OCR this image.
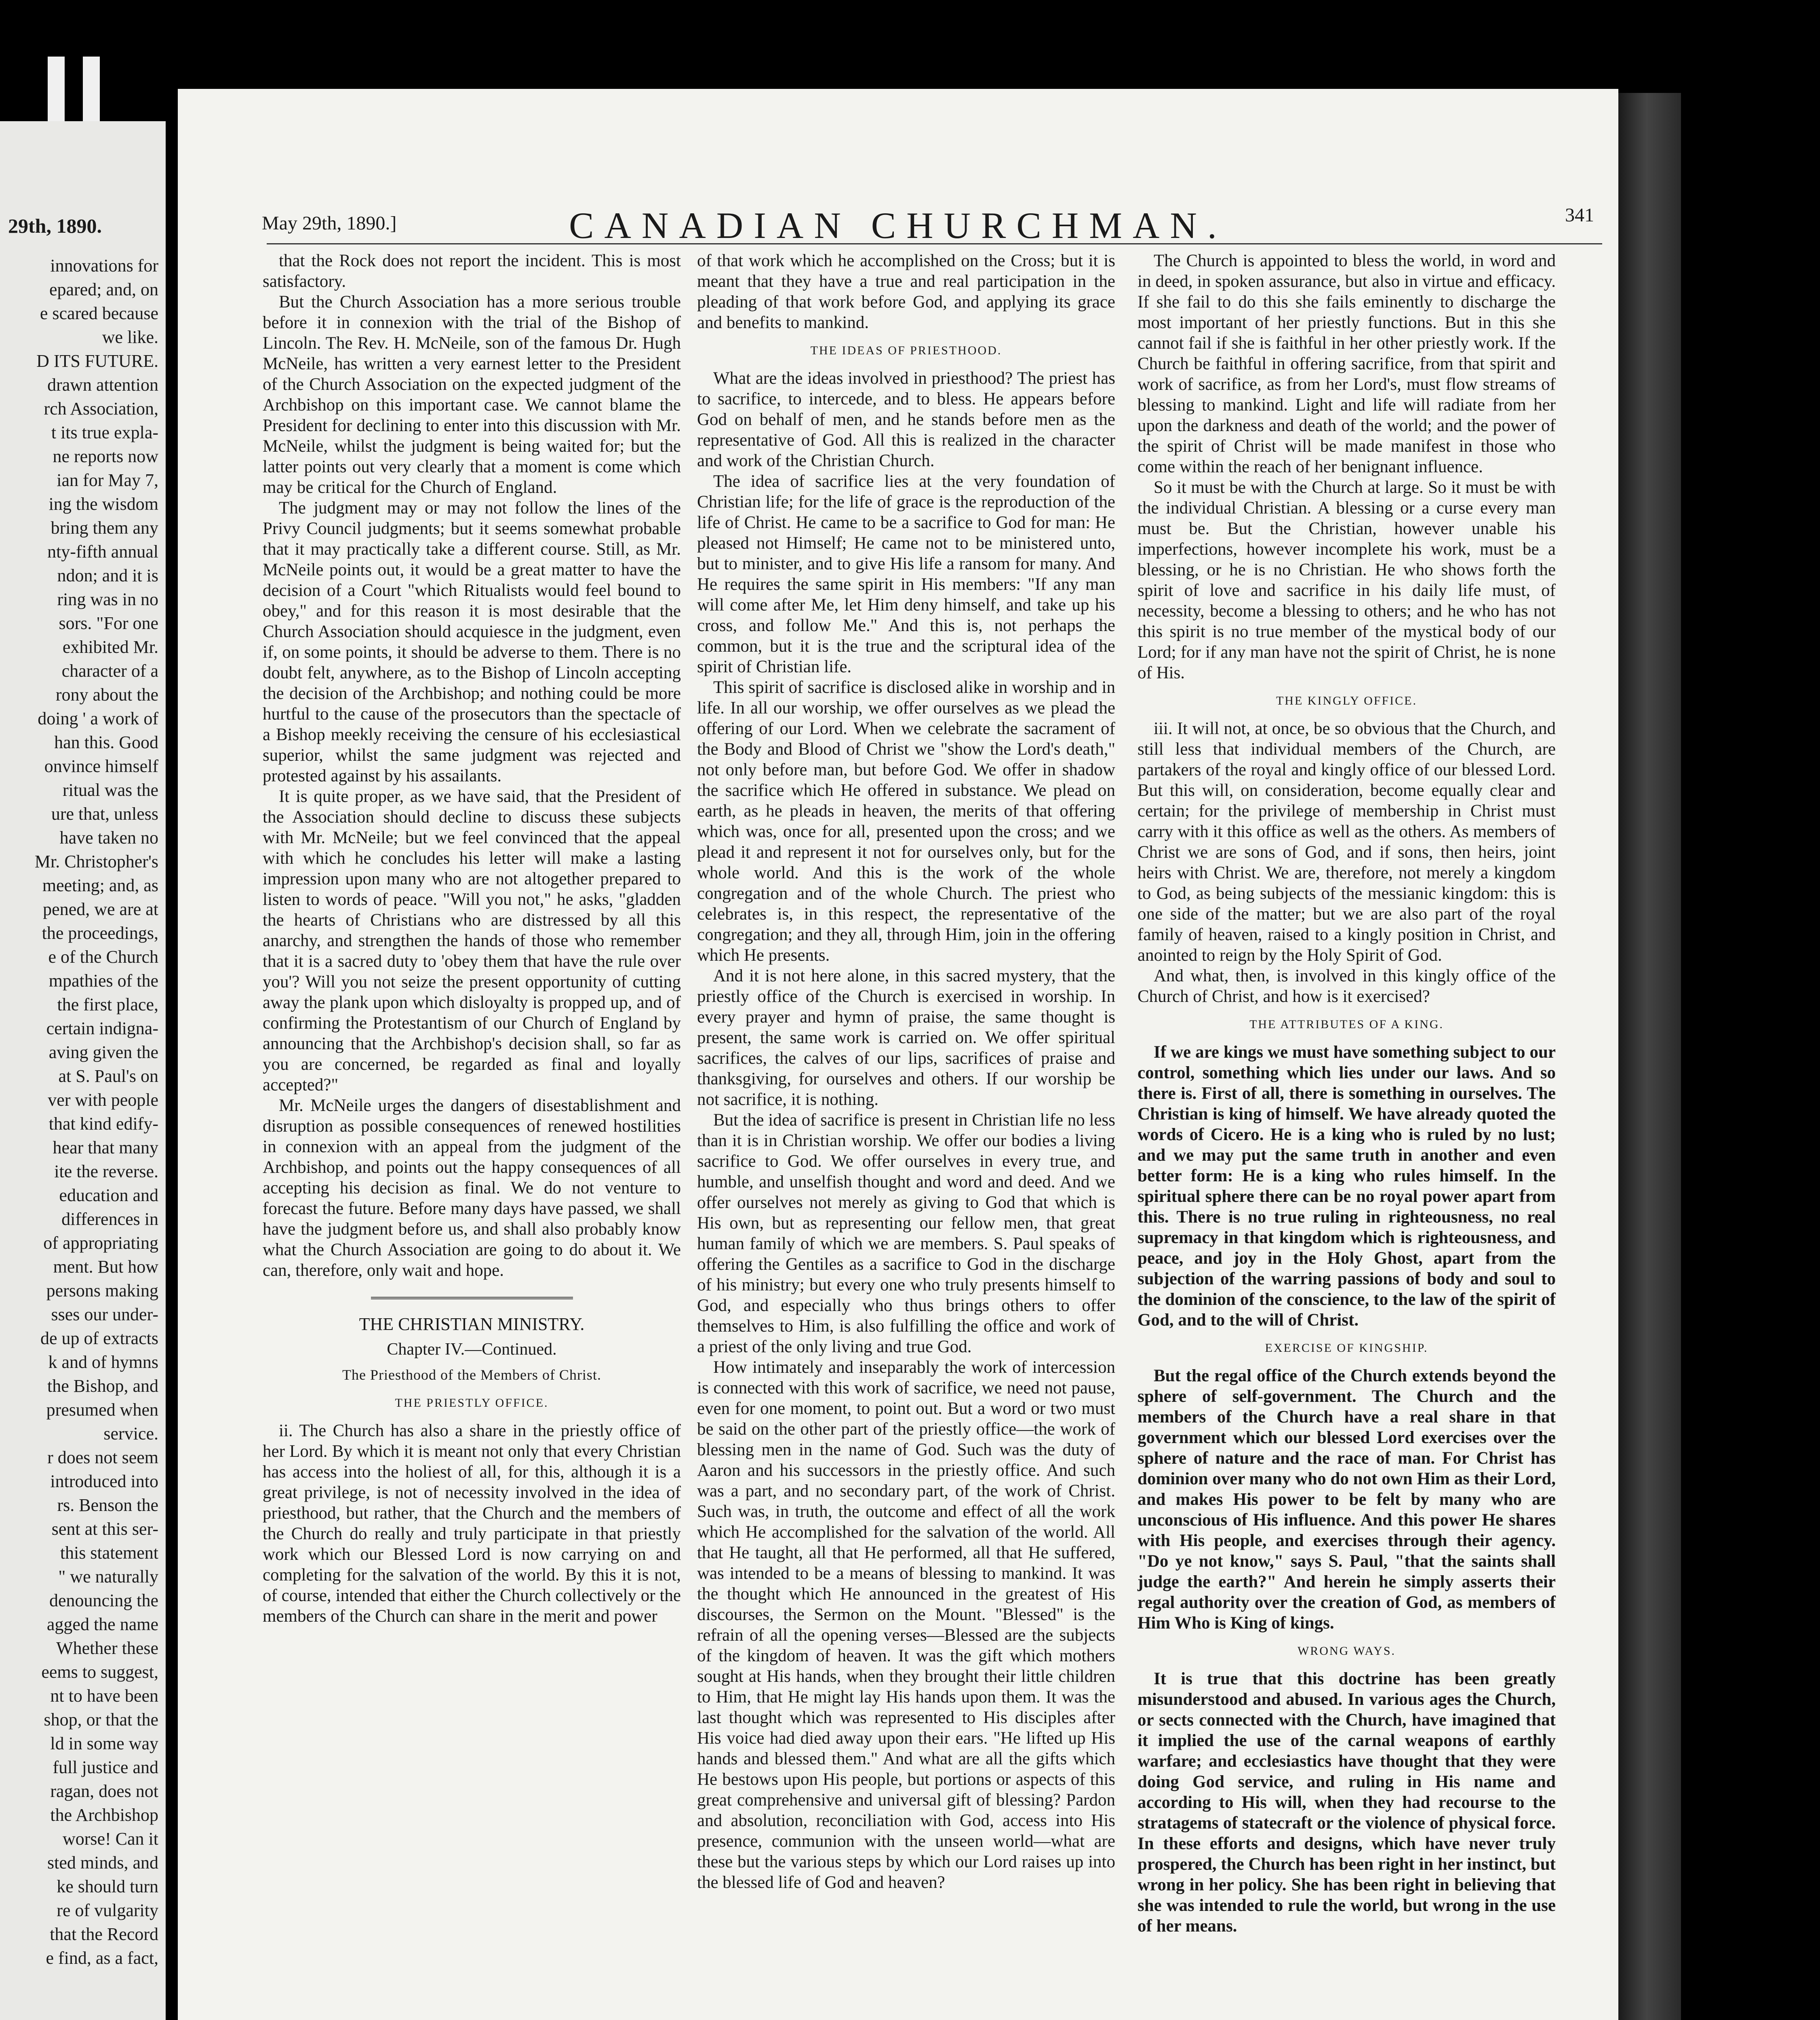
29th, 1890.
innovations for
epared; and, on
e scared because
we like.
D ITS FUTURE.
drawn attention
rch Association,
t its true expla-
ne reports now
ian for May 7,
ing the wisdom
bring them any
nty-fifth annual
ndon; and it is
ring was in no
sors. "For one
exhibited Mr.
character of a
rony about the
doing ' a work of
han this. Good
onvince himself
ritual was the
ure that, unless
have taken no
Mr. Christopher's
meeting; and, as
pened, we are at
the proceedings,
e of the Church
mpathies of the
the first place,
certain indigna-
aving given the
at S. Paul's on
ver with people
that kind edify-
hear that many
ite the reverse.
education and
differences in
of appropriating
ment. But how
persons making
sses our under-
de up of extracts
k and of hymns
the Bishop, and
presumed when
service.
r does not seem
introduced into
rs. Benson the
sent at this ser-
this statement
" we naturally
denouncing the
agged the name
Whether these
eems to suggest,
nt to have been
shop, or that the
ld in some way
full justice and
ragan, does not
the Archbishop
worse! Can it
sted minds, and
ke should turn
re of vulgarity
that the Record
e find, as a fact,
May 29th, 1890.]	CANADIAN CHURCHMAN.	341

that the Rock does not report the incident. This is most satisfactory.

But the Church Association has a more serious trouble before it in connexion with the trial of the Bishop of Lincoln. The Rev. H. McNeile, son of the famous Dr. Hugh McNeile, has written a very earnest letter to the President of the Church Association on the expected judgment of the Archbishop on this important case. We cannot blame the President for declining to enter into this discussion with Mr. McNeile, whilst the judgment is being waited for; but the latter points out very clearly that a moment is come which may be critical for the Church of England.

The judgment may or may not follow the lines of the Privy Council judgments; but it seems somewhat probable that it may practically take a different course. Still, as Mr. McNeile points out, it would be a great matter to have the decision of a Court "which Ritualists would feel bound to obey," and for this reason it is most desirable that the Church Association should acquiesce in the judgment, even if, on some points, it should be adverse to them. There is no doubt felt, anywhere, as to the Bishop of Lincoln accepting the decision of the Archbishop; and nothing could be more hurtful to the cause of the prosecutors than the spectacle of a Bishop meekly receiving the censure of his ecclesiastical superior, whilst the same judgment was rejected and protested against by his assailants.

It is quite proper, as we have said, that the President of the Association should decline to discuss these subjects with Mr. McNeile; but we feel convinced that the appeal with which he concludes his letter will make a lasting impression upon many who are not altogether prepared to listen to words of peace. "Will you not," he asks, "gladden the hearts of Christians who are distressed by all this anarchy, and strengthen the hands of those who remember that it is a sacred duty to 'obey them that have the rule over you'? Will you not seize the present opportunity of cutting away the plank upon which disloyalty is propped up, and of confirming the Protestantism of our Church of England by announcing that the Archbishop's decision shall, so far as you are concerned, be regarded as final and loyally accepted?"

Mr. McNeile urges the dangers of disestablishment and disruption as possible consequences of renewed hostilities in connexion with an appeal from the judgment of the Archbishop, and points out the happy consequences of all accepting his decision as final. We do not venture to forecast the future. Before many days have passed, we shall have the judgment before us, and shall also probably know what the Church Association are going to do about it. We can, therefore, only wait and hope.

THE CHRISTIAN MINISTRY.
Chapter IV.—Continued.
The Priesthood of the Members of Christ.
THE PRIESTLY OFFICE.

ii. The Church has also a share in the priestly office of her Lord. By which it is meant not only that every Christian has access into the holiest of all, for this, although it is a great privilege, is not of necessity involved in the idea of priesthood, but rather, that the Church and the members of the Church do really and truly participate in that priestly work which our Blessed Lord is now carrying on and completing for the salvation of the world. By this it is not, of course, intended that either the Church collectively or the members of the Church can share in the merit and power

of that work which he accomplished on the Cross; but it is meant that they have a true and real participation in the pleading of that work before God, and applying its grace and benefits to mankind.

THE IDEAS OF PRIESTHOOD.

What are the ideas involved in priesthood? The priest has to sacrifice, to intercede, and to bless. He appears before God on behalf of men, and he stands before men as the representative of God. All this is realized in the character and work of the Christian Church.

The idea of sacrifice lies at the very foundation of Christian life; for the life of grace is the reproduction of the life of Christ. He came to be a sacrifice to God for man: He pleased not Himself; He came not to be ministered unto, but to minister, and to give His life a ransom for many. And He requires the same spirit in His members: "If any man will come after Me, let Him deny himself, and take up his cross, and follow Me." And this is, not perhaps the common, but it is the true and the scriptural idea of the spirit of Christian life.

This spirit of sacrifice is disclosed alike in worship and in life. In all our worship, we offer ourselves as we plead the offering of our Lord. When we celebrate the sacrament of the Body and Blood of Christ we "show the Lord's death," not only before man, but before God. We offer in shadow the sacrifice which He offered in substance. We plead on earth, as he pleads in heaven, the merits of that offering which was, once for all, presented upon the cross; and we plead it and represent it not for ourselves only, but for the whole world. And this is the work of the whole congregation and of the whole Church. The priest who celebrates is, in this respect, the representative of the congregation; and they all, through Him, join in the offering which He presents.

And it is not here alone, in this sacred mystery, that the priestly office of the Church is exercised in worship. In every prayer and hymn of praise, the same thought is present, the same work is carried on. We offer spiritual sacrifices, the calves of our lips, sacrifices of praise and thanksgiving, for ourselves and others. If our worship be not sacrifice, it is nothing.

But the idea of sacrifice is present in Christian life no less than it is in Christian worship. We offer our bodies a living sacrifice to God. We offer ourselves in every true, and humble, and unselfish thought and word and deed. And we offer ourselves not merely as giving to God that which is His own, but as representing our fellow men, that great human family of which we are members. S. Paul speaks of offering the Gentiles as a sacrifice to God in the discharge of his ministry; but every one who truly presents himself to God, and especially who thus brings others to offer themselves to Him, is also fulfilling the office and work of a priest of the only living and true God.

How intimately and inseparably the work of intercession is connected with this work of sacrifice, we need not pause, even for one moment, to point out. But a word or two must be said on the other part of the priestly office—the work of blessing men in the name of God. Such was the duty of Aaron and his successors in the priestly office. And such was a part, and no secondary part, of the work of Christ. Such was, in truth, the outcome and effect of all the work which He accomplished for the salvation of the world. All that He taught, all that He performed, all that He suffered, was intended to be a means of blessing to mankind. It was the thought which He announced in the greatest of His discourses, the Sermon on the Mount. "Blessed" is the refrain of all the opening verses—Blessed are the subjects of the kingdom of heaven. It was the gift which mothers sought at His hands, when they brought their little children to Him, that He might lay His hands upon them. It was the last thought which was represented to His disciples after His voice had died away upon their ears. "He lifted up His hands and blessed them." And what are all the gifts which He bestows upon His people, but portions or aspects of this great comprehensive and universal gift of blessing? Pardon and absolution, reconciliation with God, access into His presence, communion with the unseen world—what are these but the various steps by which our Lord raises up into the blessed life of God and heaven?

The Church is appointed to bless the world, in word and in deed, in spoken assurance, but also in virtue and efficacy. If she fail to do this she fails eminently to discharge the most important of her priestly functions. But in this she cannot fail if she is faithful in her other priestly work. If the Church be faithful in offering sacrifice, from that spirit and work of sacrifice, as from her Lord's, must flow streams of blessing to mankind. Light and life will radiate from her upon the darkness and death of the world; and the power of the spirit of Christ will be made manifest in those who come within the reach of her benignant influence.

So it must be with the Church at large. So it must be with the individual Christian. A blessing or a curse every man must be. But the Christian, however unable his imperfections, however incomplete his work, must be a blessing, or he is no Christian. He who shows forth the spirit of love and sacrifice in his daily life must, of necessity, become a blessing to others; and he who has not this spirit is no true member of the mystical body of our Lord; for if any man have not the spirit of Christ, he is none of His.

THE KINGLY OFFICE.

iii. It will not, at once, be so obvious that the Church, and still less that individual members of the Church, are partakers of the royal and kingly office of our blessed Lord. But this will, on consideration, become equally clear and certain; for the privilege of membership in Christ must carry with it this office as well as the others. As members of Christ we are sons of God, and if sons, then heirs, joint heirs with Christ. We are, therefore, not merely a kingdom to God, as being subjects of the messianic kingdom: this is one side of the matter; but we are also part of the royal family of heaven, raised to a kingly position in Christ, and anointed to reign by the Holy Spirit of God.

And what, then, is involved in this kingly office of the Church of Christ, and how is it exercised?

THE ATTRIBUTES OF A KING.

If we are kings we must have something subject to our control, something which lies under our laws. And so there is. First of all, there is something in ourselves. The Christian is king of himself. We have already quoted the words of Cicero. He is a king who is ruled by no lust; and we may put the same truth in another and even better form: He is a king who rules himself. In the spiritual sphere there can be no royal power apart from this. There is no true ruling in righteousness, no real supremacy in that kingdom which is righteousness, and peace, and joy in the Holy Ghost, apart from the subjection of the warring passions of body and soul to the dominion of the conscience, to the law of the spirit of God, and to the will of Christ.

EXERCISE OF KINGSHIP.

But the regal office of the Church extends beyond the sphere of self-government. The Church and the members of the Church have a real share in that government which our blessed Lord exercises over the sphere of nature and the race of man. For Christ has dominion over many who do not own Him as their Lord, and makes His power to be felt by many who are unconscious of His influence. And this power He shares with His people, and exercises through their agency. "Do ye not know," says S. Paul, "that the saints shall judge the earth?" And herein he simply asserts their regal authority over the creation of God, as members of Him Who is King of kings.

WRONG WAYS.

It is true that this doctrine has been greatly misunderstood and abused. In various ages the Church, or sects connected with the Church, have imagined that it implied the use of the carnal weapons of earthly warfare; and ecclesiastics have thought that they were doing God service, and ruling in His name and according to His will, when they had recourse to the stratagems of statecraft or the violence of physical force. In these efforts and designs, which have never truly prospered, the Church has been right in her instinct, but wrong in her policy. She has been right in believing that she was intended to rule the world, but wrong in the use of her means.
